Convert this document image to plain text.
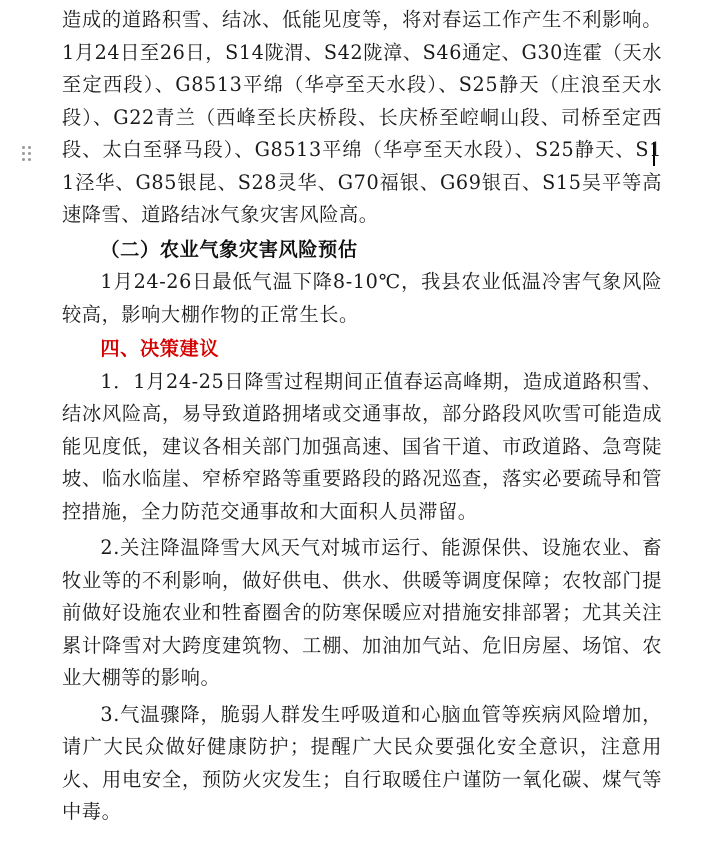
造成的道路积雪、结冰、低能见度等，将对春运工作产生不利影响。1月24日至26日，S14陇渭、S42陇漳、S46通定、G30连霍（天水至定西段）、G8513平绵（华亭至天水段）、S25静天（庄浪至天水段）、G22青兰（西峰至长庆桥段、长庆桥至崆峒山段、司桥至定西段、太白至驿马段）、G8513平绵（华亭至天水段）、S25静天、S11泾华、G85银昆、S28灵华、G70福银、G69银百、S15吴平等高速降雪、道路结冰气象灾害风险高。

（二）农业气象灾害风险预估

1月24-26日最低气温下降8-10℃，我县农业低温冷害气象风险较高，影响大棚作物的正常生长。

四、决策建议

1．1月24-25日降雪过程期间正值春运高峰期，造成道路积雪、结冰风险高，易导致道路拥堵或交通事故，部分路段风吹雪可能造成能见度低，建议各相关部门加强高速、国省干道、市政道路、急弯陡坡、临水临崖、窄桥窄路等重要路段的路况巡查，落实必要疏导和管控措施，全力防范交通事故和大面积人员滞留。

2.关注降温降雪大风天气对城市运行、能源保供、设施农业、畜牧业等的不利影响，做好供电、供水、供暖等调度保障；农牧部门提前做好设施农业和牲畜圈舍的防寒保暖应对措施安排部署；尤其关注累计降雪对大跨度建筑物、工棚、加油加气站、危旧房屋、场馆、农业大棚等的影响。

3.气温骤降，脆弱人群发生呼吸道和心脑血管等疾病风险增加，请广大民众做好健康防护；提醒广大民众要强化安全意识，注意用火、用电安全，预防火灾发生；自行取暖住户谨防一氧化碳、煤气等中毒。
